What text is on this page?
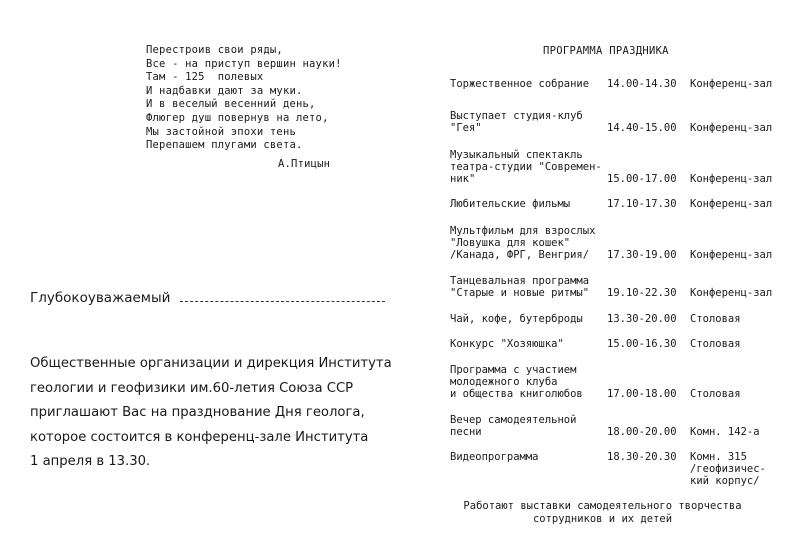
Перестроив свои ряды,
Все - на приступ вершин науки!
Там - 125  полевых
И надбавки дают за муки.
И в веселый весенний день,
Флюгер душ повернув на лето,
Мы застойной эпохи тень
Перепашем плугами света.
А.Птицын
Глубокоуважаемый
Общественные организации и дирекция Института
геологии и геофизики им.60-летия Союза ССР
приглашают Вас на празднование Дня геолога,
которое состоится в конференц-зале Института
1 апреля в 13.30.
ПРОГРАММА ПРАЗДНИКА
Торжественное собрание	14.00-14.30 Конференц-зал
Выступает студия-клуб
"Гея"	14.40-15.00 Конференц-зал
Музыкальный спектакль
театра-студии "Современ-
ник"	15.00-17.00 Конференц-зал
Любительские фильмы	17.10-17.30 Конференц-зал
Мультфильм для взрослых
"Ловушка для кошек"
/Канада, ФРГ, Венгрия/	17.30-19.00 Конференц-зал
Танцевальная программа
"Старые и новые ритмы"	19.10-22.30 Конференц-зал
Чай, кофе, бутерброды	13.30-20.00 Столовая
Конкурс "Хозяюшка"	15.00-16.30 Столовая
Программа с участием
молодежного клуба
и общества книголюбов	17.00-18.00 Столовая
Вечер самодеятельной
песни	18.00-20.00 Комн. 142-а
Видеопрограмма	18.30-20.30 Комн. 315
/геофизичес-
кий корпус/
Работают выставки самодеятельного творчества
сотрудников и их детей
